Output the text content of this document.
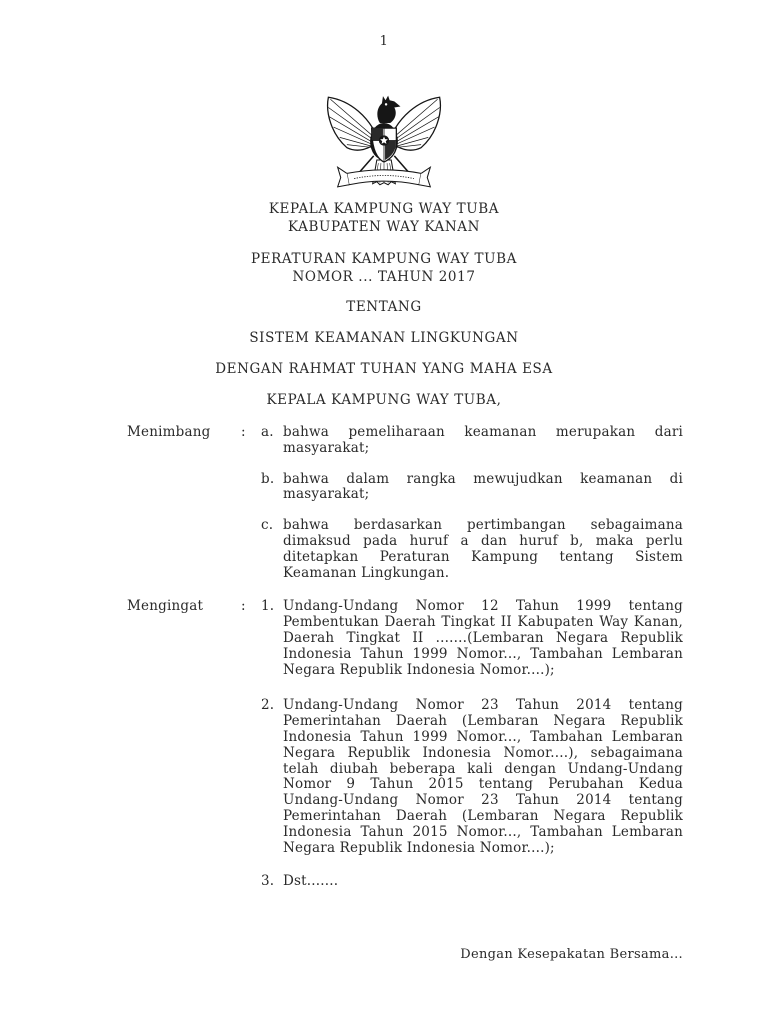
1
KEPALA KAMPUNG WAY TUBA
KABUPATEN WAY KANAN
PERATURAN KAMPUNG WAY TUBA
NOMOR ... TAHUN 2017
TENTANG
SISTEM KEAMANAN LINGKUNGAN
DENGAN RAHMAT TUHAN YANG MAHA ESA
KEPALA KAMPUNG WAY TUBA,
Menimbang	:	a. bahwa pemeliharaan keamanan merupakan dari masyarakat;
b. bahwa dalam rangka mewujudkan keamanan di masyarakat;
c. bahwa berdasarkan pertimbangan sebagaimana dimaksud pada huruf a dan huruf b, maka perlu ditetapkan Peraturan Kampung tentang Sistem Keamanan Lingkungan.
Mengingat	:	1. Undang-Undang Nomor 12 Tahun 1999 tentang Pembentukan Daerah Tingkat II Kabupaten Way Kanan, Daerah Tingkat II .......(Lembaran Negara Republik Indonesia Tahun 1999 Nomor..., Tambahan Lembaran Negara Republik Indonesia Nomor....);
2. Undang-Undang Nomor 23 Tahun 2014 tentang Pemerintahan Daerah (Lembaran Negara Republik Indonesia Tahun 1999 Nomor..., Tambahan Lembaran Negara Republik Indonesia Nomor....), sebagaimana telah diubah beberapa kali dengan Undang-Undang Nomor 9 Tahun 2015 tentang Perubahan Kedua Undang-Undang Nomor 23 Tahun 2014 tentang Pemerintahan Daerah (Lembaran Negara Republik Indonesia Tahun 2015 Nomor..., Tambahan Lembaran Negara Republik Indonesia Nomor....);
3. Dst.......
Dengan Kesepakatan Bersama...
